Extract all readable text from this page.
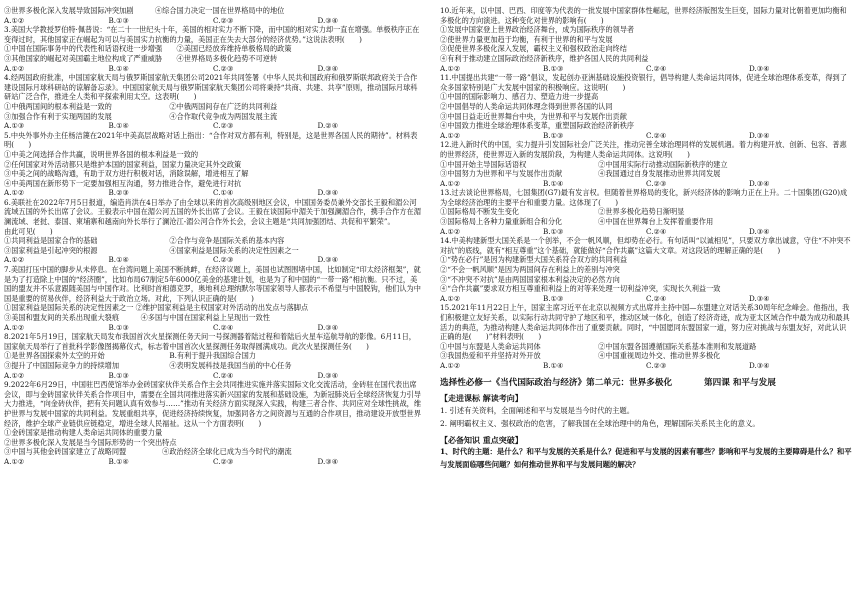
③世界多极化深入发展导致国际冲突加剧　　　④综合国力决定一国在世界格局中的地位
A.①②	B.①③	C.②③	D.③④
3.美国大学教授罗伯特·佩普说：“在二十一世纪头十年，美国的相对实力不断下降，而中国的相对实力却一直在增强。单极秩序正在变得过时，其他国家正在崛起为可以与美国实力抗衡的力量，美国正在失去大部分的经济优势。”这说法表明(　　)
①中国在国际事务中的代表性和话语权进一步增强　　②美国已经放弃维持单极格局的政策
③其他国家的崛起对美国霸主地位构成了严重威胁　　④世界格局多极化趋势不可逆转
A.①②	B.①④	C.②③	D.③④
4.经两国政府批准，中国国家航天局与俄罗斯国家航天集团公司2021年共同签署《中华人民共和国政府和俄罗斯联邦政府关于合作建设国际月球科研站的谅解备忘录》。中国国家航天局与俄罗斯国家航天集团公司将秉持“共商、共建、共享”原则，推动国际月球科研站广泛合作，推进全人类和平探索利用太空。这表明(　　)
①中俄两国间的根本利益是一致的　　　　　　　　②中俄两国间存在广泛的共同利益
③加强合作有利于实现两国的发展　　　　　　　　④合作取代竞争成为两国发展主流
A.①③	B.①④	C.②③	D.②④
5.中央外事外办主任杨洁篪在2021年中美高层战略对话上指出：“合作对双方都有利，特别是，这是世界各国人民的期待”。材料表明(　　)
①中美之间选择合作共赢，说明世界各国的根本利益是一致的
②任何国家对外活动都只是维护本国的国家利益，国家力量决定其外交政策
③中美之间的战略沟通，有助于双方进行积极对话，消除误解，增进相互了解
④中美两国在新形势下一定要加强相互沟通，努力推进合作，避免进行对抗
A.①②	B.②③	C.①④	D.③④
6.美联社在2022年7月5日报道，编造肖洪在4日举办了由全球以来的首次高级别地区会议，中国国务委员兼外交部长王毅和湄公河流域五国的外长出席了会议。王毅表示中国在湄公河五国的外长出席了会议。王毅在谈国际中湄关于加强澜湄合作，携手合作方在湄澜流域、老挝、泰国、柬埔寨和越南向外长举行了澜沧江-湄公河合作外长会，会议主题是“共同加强团结、共促和平繁荣”。
由此可见(　　)
①共同利益是国家合作的基础　　　　　　　　　　②合作与竞争是国际关系的基本内容
③国家利益是引起冲突的根源　　　　　　　　　　④国家利益是国际关系的决定性因素之一
A.①②	B.①④	C.②③	D.③④
7.美国打压中国的脚步从未停息。在台湾问题上美国不断挑衅，在经济议题上，美国也试图围堵中国，比如制定“印太经济框架”，就是为了打造除上中国的“经济圈”，比如布局67制定5年6000亿美金的基建计划，也是为了和中国的“一带一路”相抗衡。只不过，美国的盟友并不乐意跟随美国与中国作对。比利时首相德克罗，奥地利总理纳默尔等国家领导人都表示不希望与中国脱钩，他们认为中国是重要的贸易伙伴，经济利益大于政治立场。对此，下列认识正确的是(　　)
①国家利益是国际关系的决定性因素之一 ②维护国家利益是主权国家对外活动的出发点与落脚点
③美国和盟友间的关系出现重大裂痕　　　④多国与中国在国家利益上呈现出一致性
A.①②	B.①③	C.②④	D.③④
8.2021年5月19日，国家航天局发布我国首次火星探测任务天问一号探测器着陆过程和着陆后火星车巡航导航的影像。6月11日，国家航天局举行了首批科学影像图揭幕仪式，标志着中国首次火星探测任务取得圆满成功。此次火星探测任务(　　)
①是世界各国探索外太空的开始　　　　　　　　　B.有利于提升我国综合国力
③提升了中国国际竞争力的持续增加　　　　　　　④表明发展科技是我国当前的中心任务
A.①②	B.①③	C.②④	D.③④
9.2022年6月29日，中国驻巴西使馆举办金砖国家伙伴关系合作主会共同推进实施并落实国际文化交流活动，金砖驻在国代表出席会议，即与金砖国家伙伴关系合作项目中，需要在全国共同推进落实新兴国家的发展和基础设施，为新冠肺炎后全球经济恢复力引导大力推进，“向金砖伙伴，把有关问题认真有效参与……”推动有关经济方面实现深入实践，构建三者合作、共同应对全球性挑战，维护世界与发展中国家的共同利益。发展重组共享，促进经济持续恢复，加强同各方之间资源与互通的合作项目，推动建设开放型世界经济，维护全球产业链供应链稳定，增进全球人民福祉。这从一个方面表明(　　)
①金砖国家是推动构建人类命运共同体的重要力量
②世界多极化深入发展是当今国际形势的一个突出特点
③中国与其他金砖国家建立了战略同盟　　　　　④政治经济全球化已成为当今时代的潮流
A.①②	B.①④	C.②③	D.③④
10.近年来，以中国、巴西、印度等为代表的一批发展中国家群体性崛起，世界经济版图发生巨变，国际力量对比朝着更加均衡和多极化的方向演进。这种变化对世界的影响有(　　)
①发展中国家登上世界政治经济舞台，成为国际秩序的领导者
②使世界力量更加趋于均衡，有利于世界的和平与发展
③促使世界多极化深入发展，霸权主义和强权政治走向终结
④有利于推动建立国际政治经济新秩序，维护各国人民的共同利益
A.①②	B.①③	C.②④	D.③④
11.中国提出共建“一带一路”倡议，发起创办亚洲基础设施投资银行，倡导构建人类命运共同体，促进全球治理体系变革，得到了众多国家特别是广大发展中国家的积极响应。这说明(　　)
①中国的国际影响力、感召力、塑造力进一步提高
②中国倡导的人类命运共同体理念得到世界各国的认同
③中国日益走近世界舞台中央，为世界和平与发展作出贡献
④中国致力推进全球治理体系变革，重塑国际政治经济新秩序
A.①②	B.①③	C.②④	D.③④
12.进入新时代的中国，实力提升引发国际社会广泛关注，推动完善全球治理同样的发展机遇。着力构建开放、创新、包容、普惠的世界经济，使世界迈入新的发展阶段，为构建人类命运共同体。这说明(　　)
①中国开始主导国际话语权　　　　　　　　　　②中国用实际行动推动国际新秩序的建立
③中国努力为世界和平与发展作出贡献　　　　　④我国通过自身发展推动世界共同发展
A.①②	B.①④	C.②③	D.③④
13.过去谈论世界格局，七国集团(G7)最有发言权。但随着世界格局的变化，新兴经济体的影响力正在上升。二十国集团(G20)成为全球经济治理的主要平台和重要力量。这体现了(　　)
①国际格局不断发生变化　　　　　　　　　　　②世界多极化趋势日渐明显
③国际格局上各种力量重新组合和分化　　　　　④中国在世界舞台上发挥着重要作用
A.①②	B.①③	C.②④	D.③④
14.中美构建新型大国关系是一个创举，不会一帆风顺，但却势在必行。有句话叫“以诚相见”，只要双方拿出诚意，守住“不冲突不对抗”的底线，就有“相互尊重”这个基础，就能做好“合作共赢”这篇大文章。对这段话的理解正确的是(　　)
①“势在必行”是因为构建新型大国关系符合双方的共同利益
②“不会一帆风顺”是因为两国间存在利益上的差别与冲突
③“不冲突不对抗”是由两国国家根本利益决定的必然方向
④“合作共赢”要求双方相互尊重和利益上的对等来处理一切利益冲突，实现长久利益一致
A.①②	B.①③	C.②④	D.③④
15.2021年11月22日上午，国家主席习近平在北京以视频方式出席并主持中国—东盟建立对话关系30周年纪念峰会。他指出，我们积极建立友好关系，以实际行动共同守护了地区和平，推动区域一体化，创造了经济奇迹，成为亚太区域合作中最为成功和最具活力的典范，为推动构建人类命运共同体作出了重要贡献。同时，“中国愿同东盟国家一道，努力应对挑战与东盟友好，对此认识正确的是(　　)”材料表明(　　)
①中国与东盟是人类命运共同体　　　　　　　　②中国东盟各国遵循国际关系基本准则和发展道路
③我国热爱和平并坚持对外开放　　　　　　　　④中国重视周边外交、推动世界多极化
A.①②	B.①④	C.②③	D.③④
选择性必修一《当代国际政治与经济》第二单元：世界多极化	第四课 和平与发展
【走进课标 解读考向】
1. 引述有关资料，全面阐述和平与发展是当今时代的主题。
2. 阐明霸权主义、强权政治的危害，了解我国在全球治理中的角色，理解国际关系民主化的意义。
【必备知识 重点突破】
1、时代的主题：是什么？和平与发展的关系是什么？促进和平与发展的因素有哪些？影响和平与发展的主要障碍是什么？和平与发展面临哪些问题？如何推动世界和平与发展问题的解决？
